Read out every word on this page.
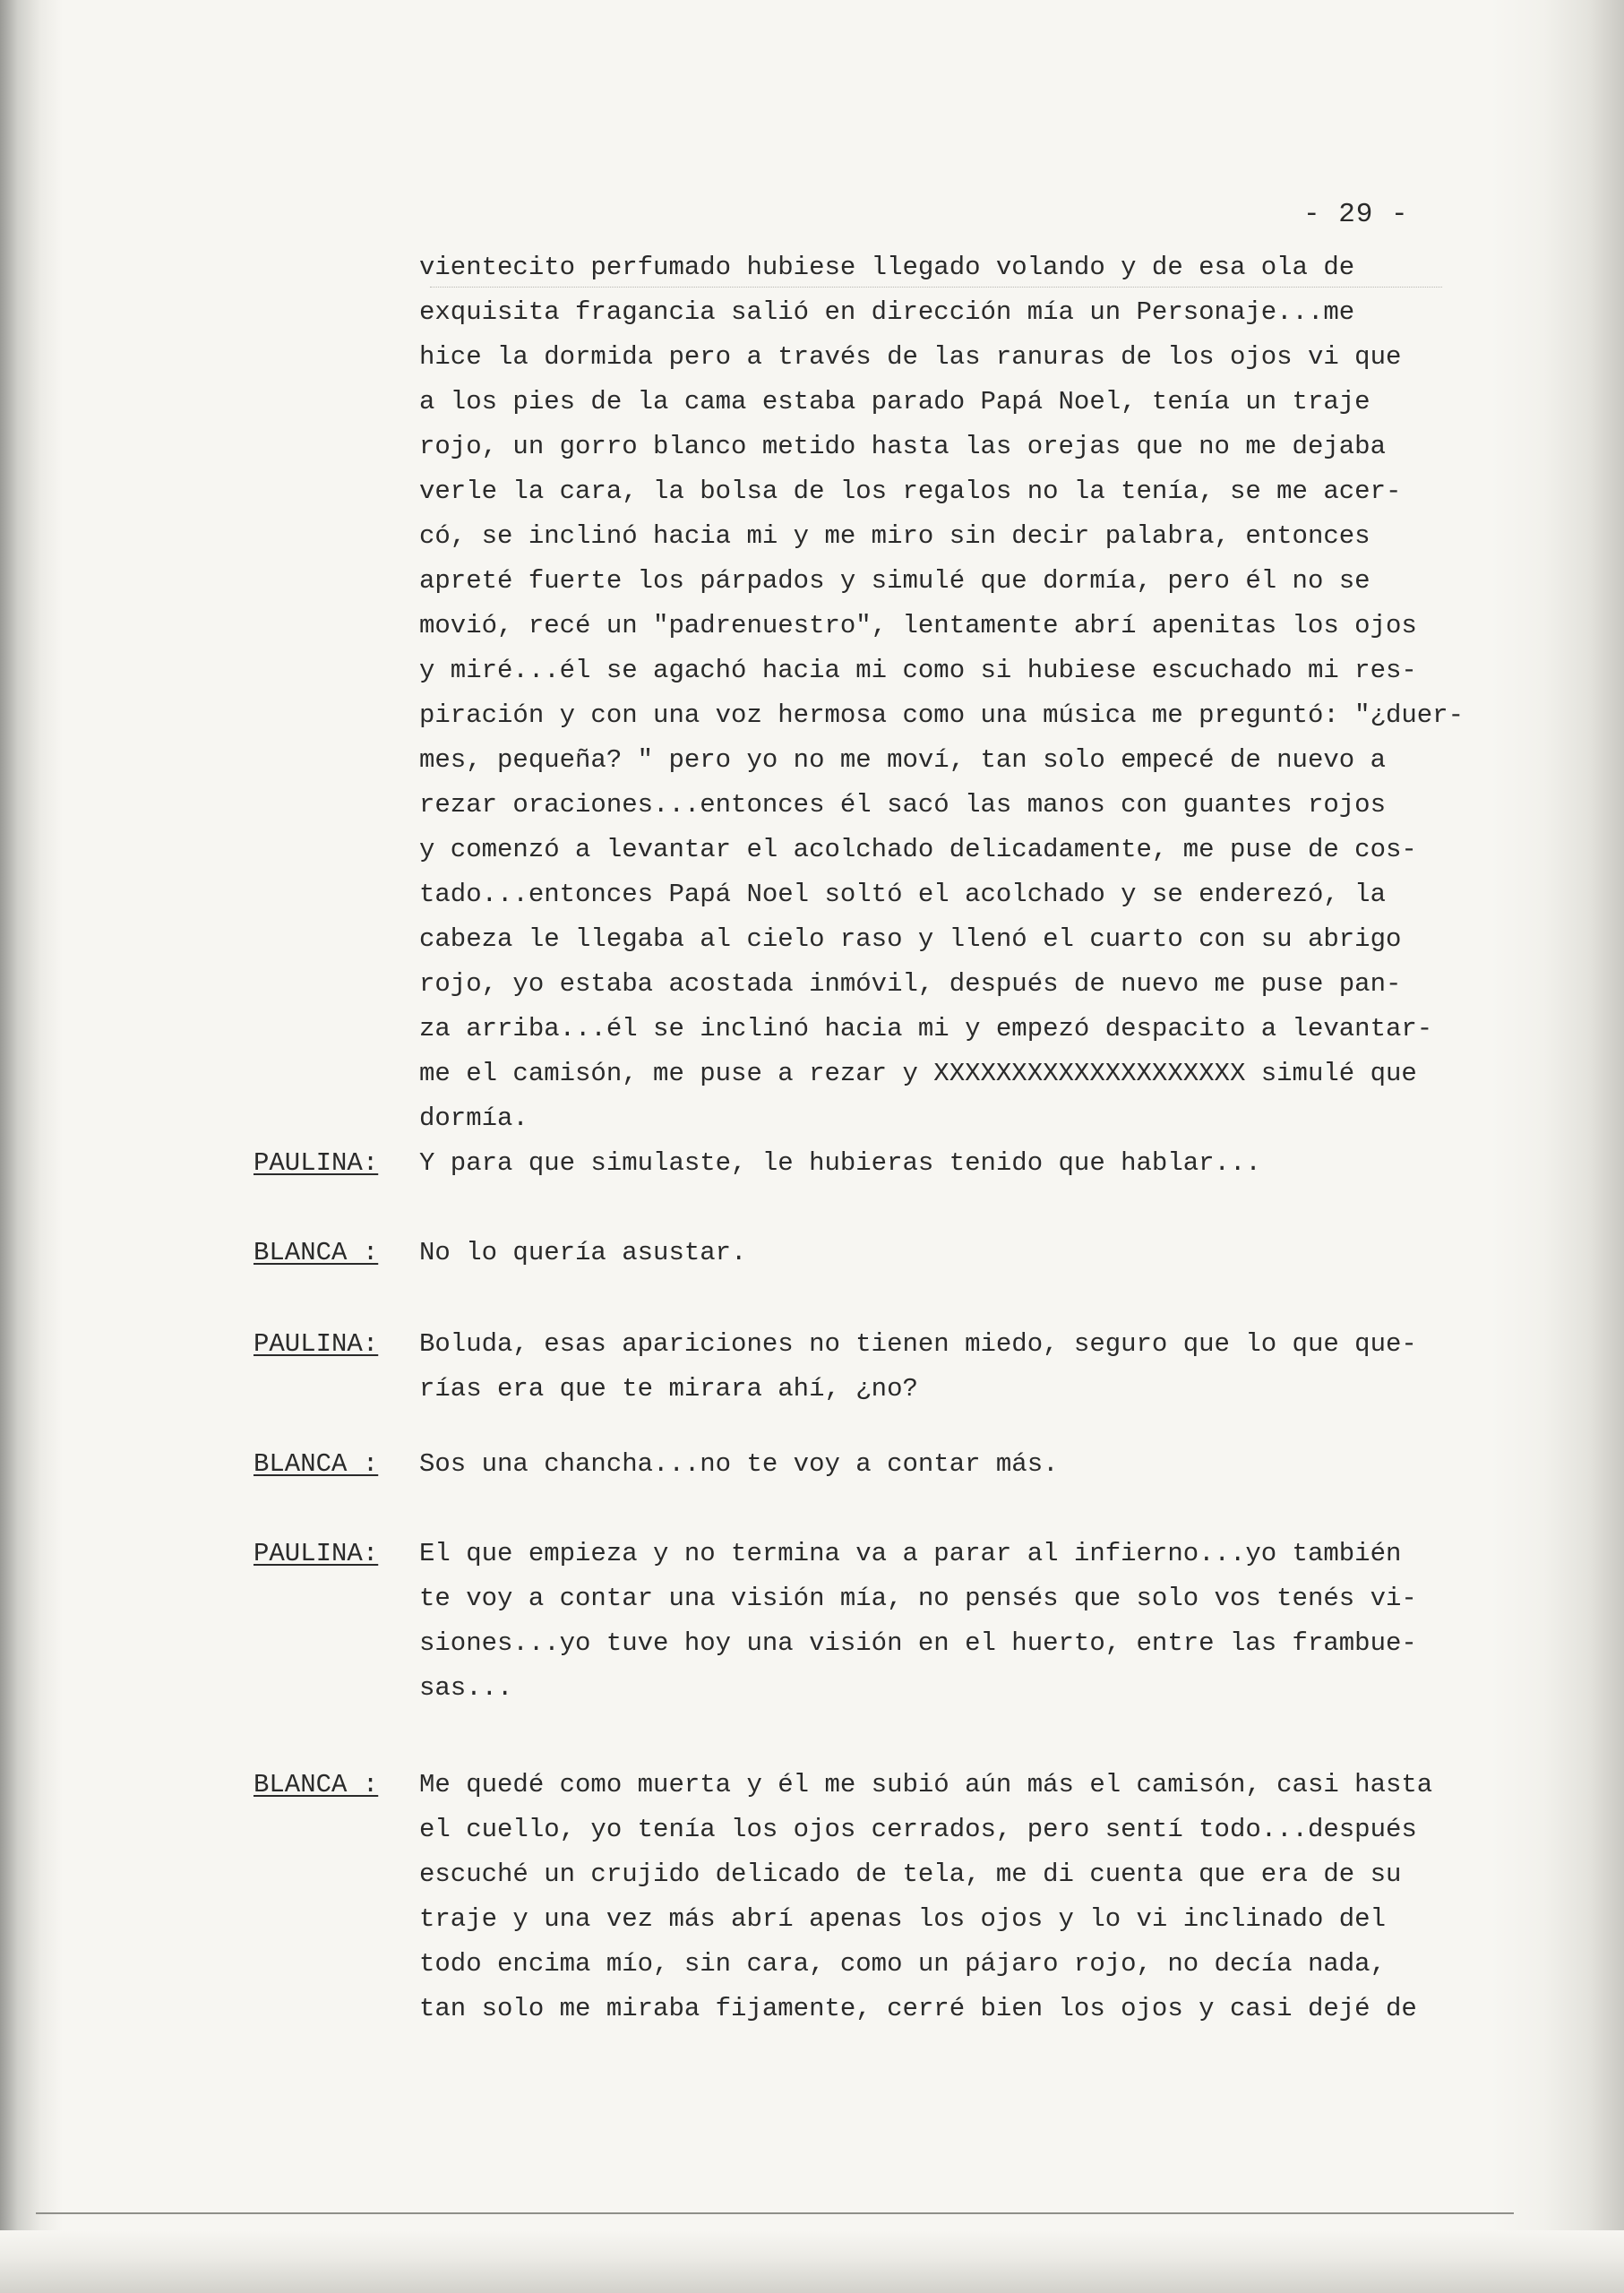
- 29 -
vientecito perfumado hubiese llegado volando y de esa ola de
exquisita fragancia salió en dirección mía un Personaje...me
hice la dormida pero a través de las ranuras de los ojos vi que
a los pies de la cama estaba parado Papá Noel, tenía un traje
rojo, un gorro blanco metido hasta las orejas que no me dejaba
verle la cara, la bolsa de los regalos no la tenía, se me acer-
có, se inclinó hacia mi y me miro sin decir palabra, entonces
apreté fuerte los párpados y simulé que dormía, pero él no se
movió, recé un "padrenuestro", lentamente abrí apenitas los ojos
y miré...él se agachó hacia mi como si hubiese escuchado mi res-
piración y con una voz hermosa como una música me preguntó: "¿duer-
mes, pequeña? " pero yo no me moví, tan solo empecé de nuevo a
rezar oraciones...entonces él sacó las manos con guantes rojos
y comenzó a levantar el acolchado delicadamente, me puse de cos-
tado...entonces Papá Noel soltó el acolchado y se enderezó, la
cabeza le llegaba al cielo raso y llenó el cuarto con su abrigo
rojo, yo estaba acostada inmóvil, después de nuevo me puse pan-
za arriba...él se inclinó hacia mi y empezó despacito a levantar-
me el camisón, me puse a rezar y XXXXXXXXXXXXXXXXXXXX simulé que
dormía.
PAULINA: Y para que simulaste, le hubieras tenido que hablar...
BLANCA : No lo quería asustar.
PAULINA: Boluda, esas apariciones no tienen miedo, seguro que lo que que-
rías era que te mirara ahí, ¿no?
BLANCA : Sos una chancha...no te voy a contar más.
PAULINA: El que empieza y no termina va a parar al infierno...yo también
te voy a contar una visión mía, no pensés que solo vos tenés vi-
siones...yo tuve hoy una visión en el huerto, entre las frambue-
sas...
BLANCA : Me quedé como muerta y él me subió aún más el camisón, casi hasta
el cuello, yo tenía los ojos cerrados, pero sentí todo...después
escuché un crujido delicado de tela, me di cuenta que era de su
traje y una vez más abrí apenas los ojos y lo vi inclinado del
todo encima mío, sin cara, como un pájaro rojo, no decía nada,
tan solo me miraba fijamente, cerré bien los ojos y casi dejé de
